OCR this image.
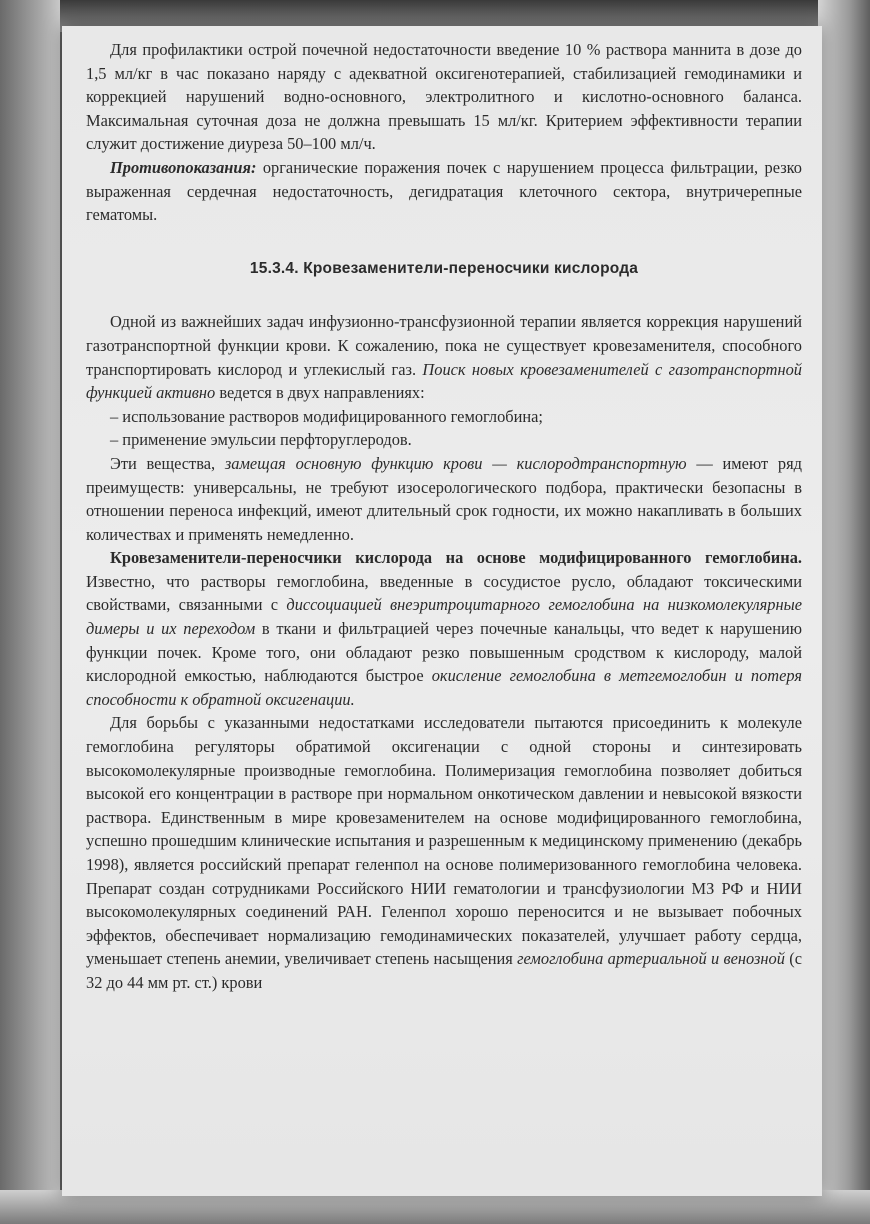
Для профилактики острой почечной недостаточности введение 10 % раствора маннита в дозе до 1,5 мл/кг в час показано наряду с адекватной оксигенотерапией, стабилизацией гемодинамики и коррекцией нарушений водно-основного, электролитного и кислотно-основного баланса. Максимальная суточная доза не должна превышать 15 мл/кг. Критерием эффективности терапии служит достижение диуреза 50–100 мл/ч.

Противопоказания: органические поражения почек с нарушением процесса фильтрации, резко выраженная сердечная недостаточность, дегидратация клеточного сектора, внутричерепные гематомы.

15.3.4. Кровезаменители-переносчики кислорода

Одной из важнейших задач инфузионно-трансфузионной терапии является коррекция нарушений газотранспортной функции крови. К сожалению, пока не существует кровезаменителя, способного транспортировать кислород и углекислый газ. Поиск новых кровезаменителей с газотранспортной функцией активно ведется в двух направлениях:

– использование растворов модифицированного гемоглобина;
– применение эмульсии перфторуглеродов.

Эти вещества, замещая основную функцию крови — кислородтранспортную — имеют ряд преимуществ: универсальны, не требуют изосерологического подбора, практически безопасны в отношении переноса инфекций, имеют длительный срок годности, их можно накапливать в больших количествах и применять немедленно.

Кровезаменители-переносчики кислорода на основе модифицированного гемоглобина. Известно, что растворы гемоглобина, введенные в сосудистое русло, обладают токсическими свойствами, связанными с диссоциацией внеэритроцитарного гемоглобина на низкомолекулярные димеры и их переходом в ткани и фильтрацией через почечные канальцы, что ведет к нарушению функции почек. Кроме того, они обладают резко повышенным сродством к кислороду, малой кислородной емкостью, наблюдаются быстрое окисление гемоглобина в метгемоглобин и потеря способности к обратной оксигенации.

Для борьбы с указанными недостатками исследователи пытаются присоединить к молекуле гемоглобина регуляторы обратимой оксигенации с одной стороны и синтезировать высокомолекулярные производные гемоглобина. Полимеризация гемоглобина позволяет добиться высокой его концентрации в растворе при нормальном онкотическом давлении и невысокой вязкости раствора. Единственным в мире кровезаменителем на основе модифицированного гемоглобина, успешно прошедшим клинические испытания и разрешенным к медицинскому применению (декабрь 1998), является российский препарат геленпол на основе полимеризованного гемоглобина человека. Препарат создан сотрудниками Российского НИИ гематологии и трансфузиологии МЗ РФ и НИИ высокомолекулярных соединений РАН. Геленпол хорошо переносится и не вызывает побочных эффектов, обеспечивает нормализацию гемодинамических показателей, улучшает работу сердца, уменьшает степень анемии, увеличивает степень насыщения гемоглобина артериальной и венозной (с 32 до 44 мм рт. ст.) крови
